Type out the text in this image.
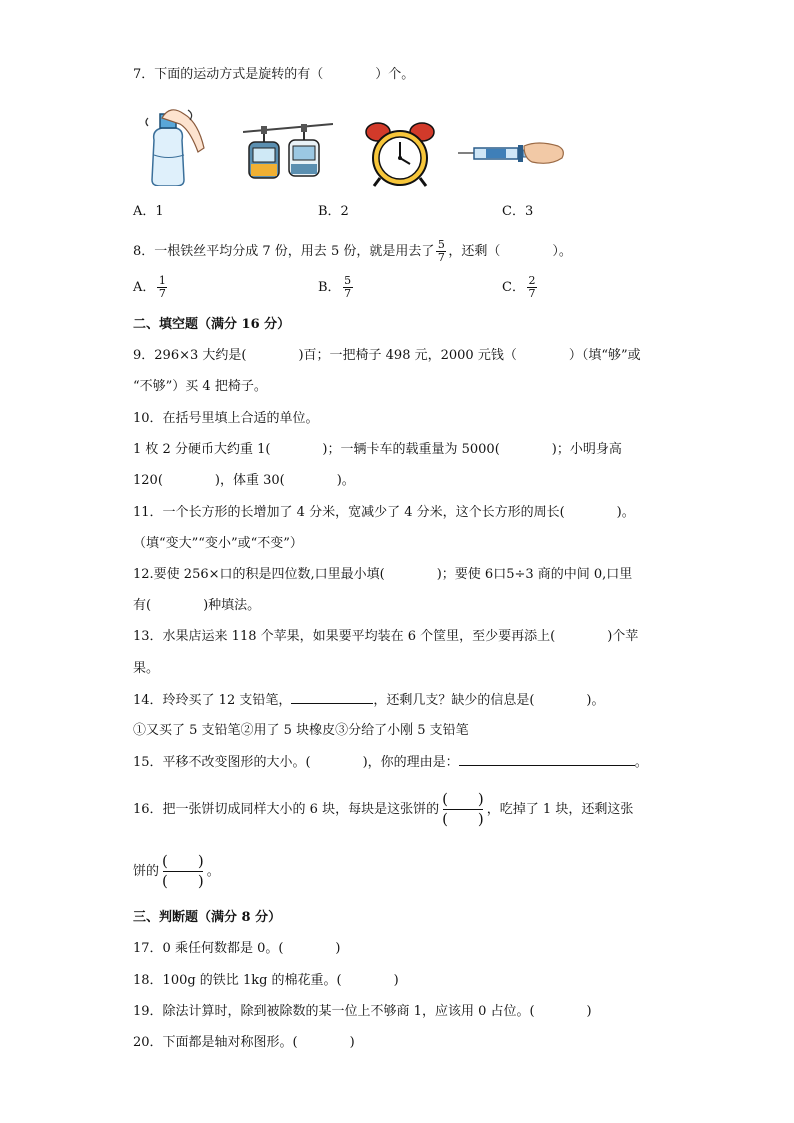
7．下面的运动方式是旋转的有（　　　　）个。
A．1	B．2	C．3
8．一根铁丝平均分成 7 份，用去 5 份，就是用去了 $\frac{5}{7}$ ，还剩（　　　　）。
A． $\frac{1}{7}$	B． $\frac{5}{7}$	C． $\frac{2}{7}$
二、填空题（满分 16 分）
9．296×3 大约是(　　　　)百；一把椅子 498 元，2000 元钱（　　　　）（填“够”或
“不够”）买 4 把椅子。
10．在括号里填上合适的单位。
1 枚 2 分硬币大约重 1(　　　　)；一辆卡车的载重量为 5000(　　　　)；小明身高
120(　　　　)，体重 30(　　　　)。
11．一个长方形的长增加了 4 分米，宽减少了 4 分米，这个长方形的周长(　　　　)。
（填“变大”“变小”或“不变”）
12.要使 256×口的积是四位数,口里最小填(　　　　)；要使 6口5÷3 商的中间 0,口里
有(　　　　)种填法。
13．水果店运来 118 个苹果，如果要平均装在 6 个筐里，至少要再添上(　　　　)个苹
果。
14．玲玲买了 12 支铅笔，	，还剩几支？缺少的信息是(　　　　)。
①又买了 5 支铅笔②用了 5 块橡皮③分给了小刚 5 支铅笔
15．平移不改变图形的大小。(　　　　)，你的理由是：	。
16．把一张饼切成同样大小的 6 块，每块是这张饼的
(　　)
(　　)
，吃掉了 1 块，还剩这张
饼的
(　　)
(　　)
。
三、判断题（满分 8 分）
17．0 乘任何数都是 0。(　　　　)
18．100g 的铁比 1kg 的棉花重。(　　　　)
19．除法计算时，除到被除数的某一位上不够商 1，应该用 0 占位。(　　　　)
20．下面都是轴对称图形。(　　　　)
